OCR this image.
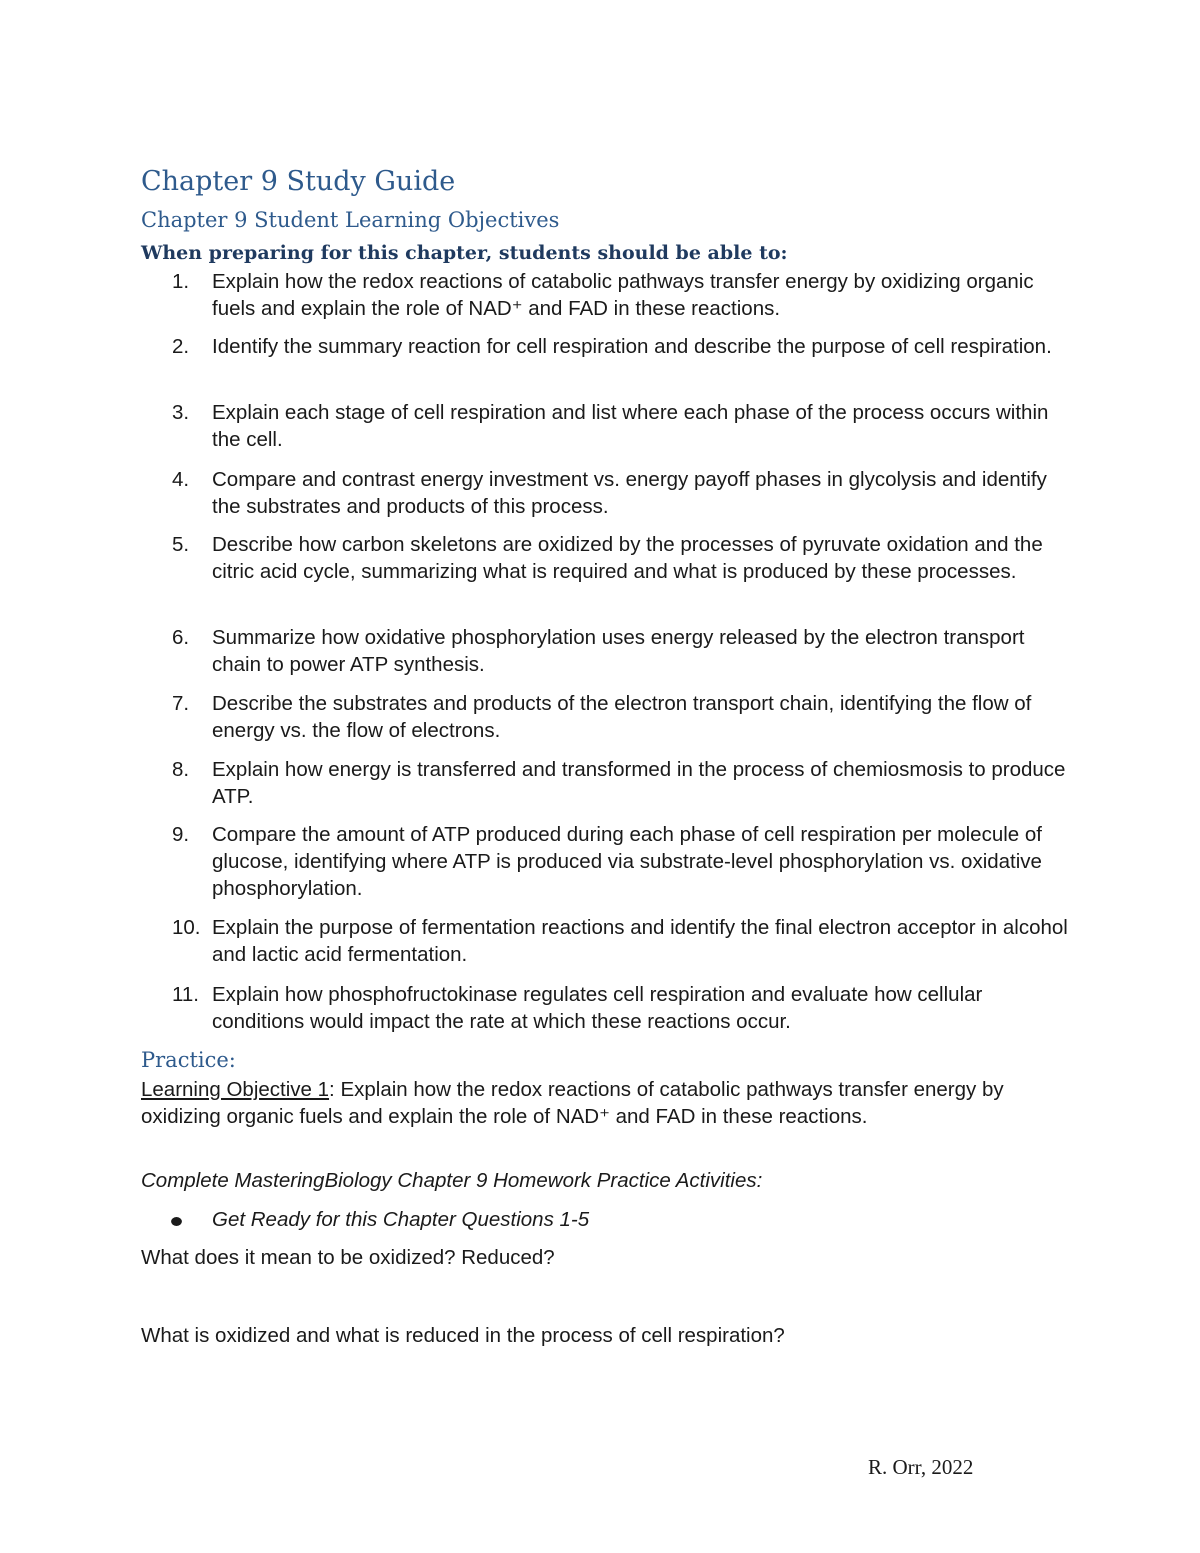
Chapter 9 Study Guide
Chapter 9 Student Learning Objectives

When preparing for this chapter, students should be able to:

1.	Explain how the redox reactions of catabolic pathways transfer energy by oxidizing organic fuels and explain the role of NAD⁺ and FAD in these reactions.
2.	Identify the summary reaction for cell respiration and describe the purpose of cell respiration.
3.	Explain each stage of cell respiration and list where each phase of the process occurs within the cell.
4.	Compare and contrast energy investment vs. energy payoff phases in glycolysis and identify the substrates and products of this process.
5.	Describe how carbon skeletons are oxidized by the processes of pyruvate oxidation and the citric acid cycle, summarizing what is required and what is produced by these processes.
6.	Summarize how oxidative phosphorylation uses energy released by the electron transport chain to power ATP synthesis.
7.	Describe the substrates and products of the electron transport chain, identifying the flow of energy vs. the flow of electrons.
8.	Explain how energy is transferred and transformed in the process of chemiosmosis to produce ATP.
9.	Compare the amount of ATP produced during each phase of cell respiration per molecule of glucose, identifying where ATP is produced via substrate-level phosphorylation vs. oxidative phosphorylation.
10. Explain the purpose of fermentation reactions and identify the final electron acceptor in alcohol and lactic acid fermentation.
11. Explain how phosphofructokinase regulates cell respiration and evaluate how cellular conditions would impact the rate at which these reactions occur.
Practice:

Learning Objective 1: Explain how the redox reactions of catabolic pathways transfer energy by oxidizing organic fuels and explain the role of NAD⁺ and FAD in these reactions.

Complete MasteringBiology Chapter 9 Homework Practice Activities:

Get Ready for this Chapter Questions 1-5

What does it mean to be oxidized? Reduced?

What is oxidized and what is reduced in the process of cell respiration?

R. Orr, 2022
